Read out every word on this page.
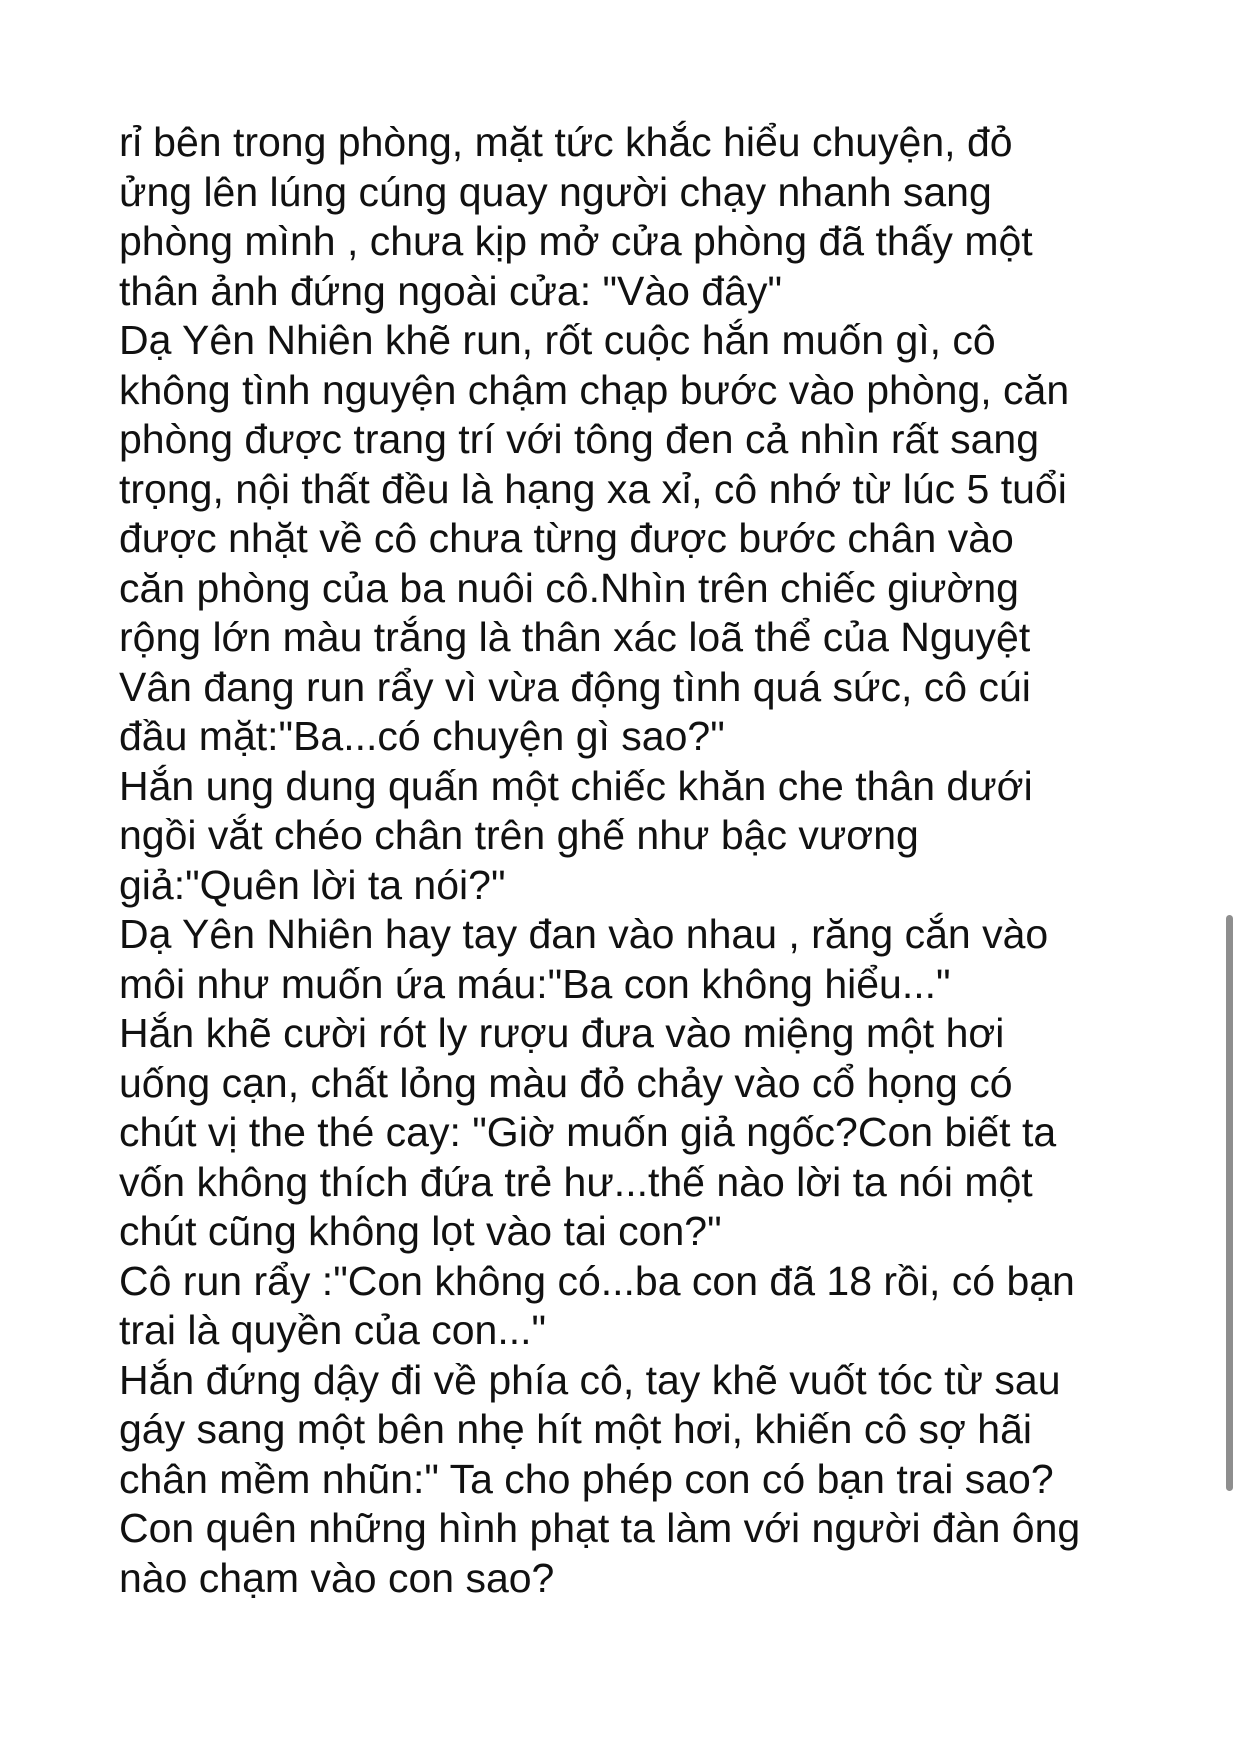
rỉ bên trong phòng, mặt tức khắc hiểu chuyện, đỏ
ửng lên lúng cúng quay người chạy nhanh sang
phòng mình , chưa kịp mở cửa phòng đã thấy một
thân ảnh đứng ngoài cửa: "Vào đây"
Dạ Yên Nhiên khẽ run, rốt cuộc hắn muốn gì, cô
không tình nguyện chậm chạp bước vào phòng, căn
phòng được trang trí với tông đen cả nhìn rất sang
trọng, nội thất đều là hạng xa xỉ, cô nhớ từ lúc 5 tuổi
được nhặt về cô chưa từng được bước chân vào
căn phòng của ba nuôi cô.Nhìn trên chiếc giường
rộng lớn màu trắng là thân xác loã thể của Nguyệt
Vân đang run rẩy vì vừa động tình quá sức, cô cúi
đầu mặt:"Ba...có chuyện gì sao?"
Hắn ung dung quấn một chiếc khăn che thân dưới
ngồi vắt chéo chân trên ghế như bậc vương
giả:"Quên lời ta nói?"
Dạ Yên Nhiên hay tay đan vào nhau , răng cắn vào
môi như muốn ứa máu:"Ba con không hiểu..."
Hắn khẽ cười rót ly rượu đưa vào miệng một hơi
uống cạn, chất lỏng màu đỏ chảy vào cổ họng có
chút vị the thé cay: "Giờ muốn giả ngốc?Con biết ta
vốn không thích đứa trẻ hư...thế nào lời ta nói một
chút cũng không lọt vào tai con?"
Cô run rẩy :"Con không có...ba con đã 18 rồi, có bạn
trai là quyền của con..."
Hắn đứng dậy đi về phía cô, tay khẽ vuốt tóc từ sau
gáy sang một bên nhẹ hít một hơi, khiến cô sợ hãi
chân mềm nhũn:" Ta cho phép con có bạn trai sao?
Con quên những hình phạt ta làm với người đàn ông
nào chạm vào con sao?
